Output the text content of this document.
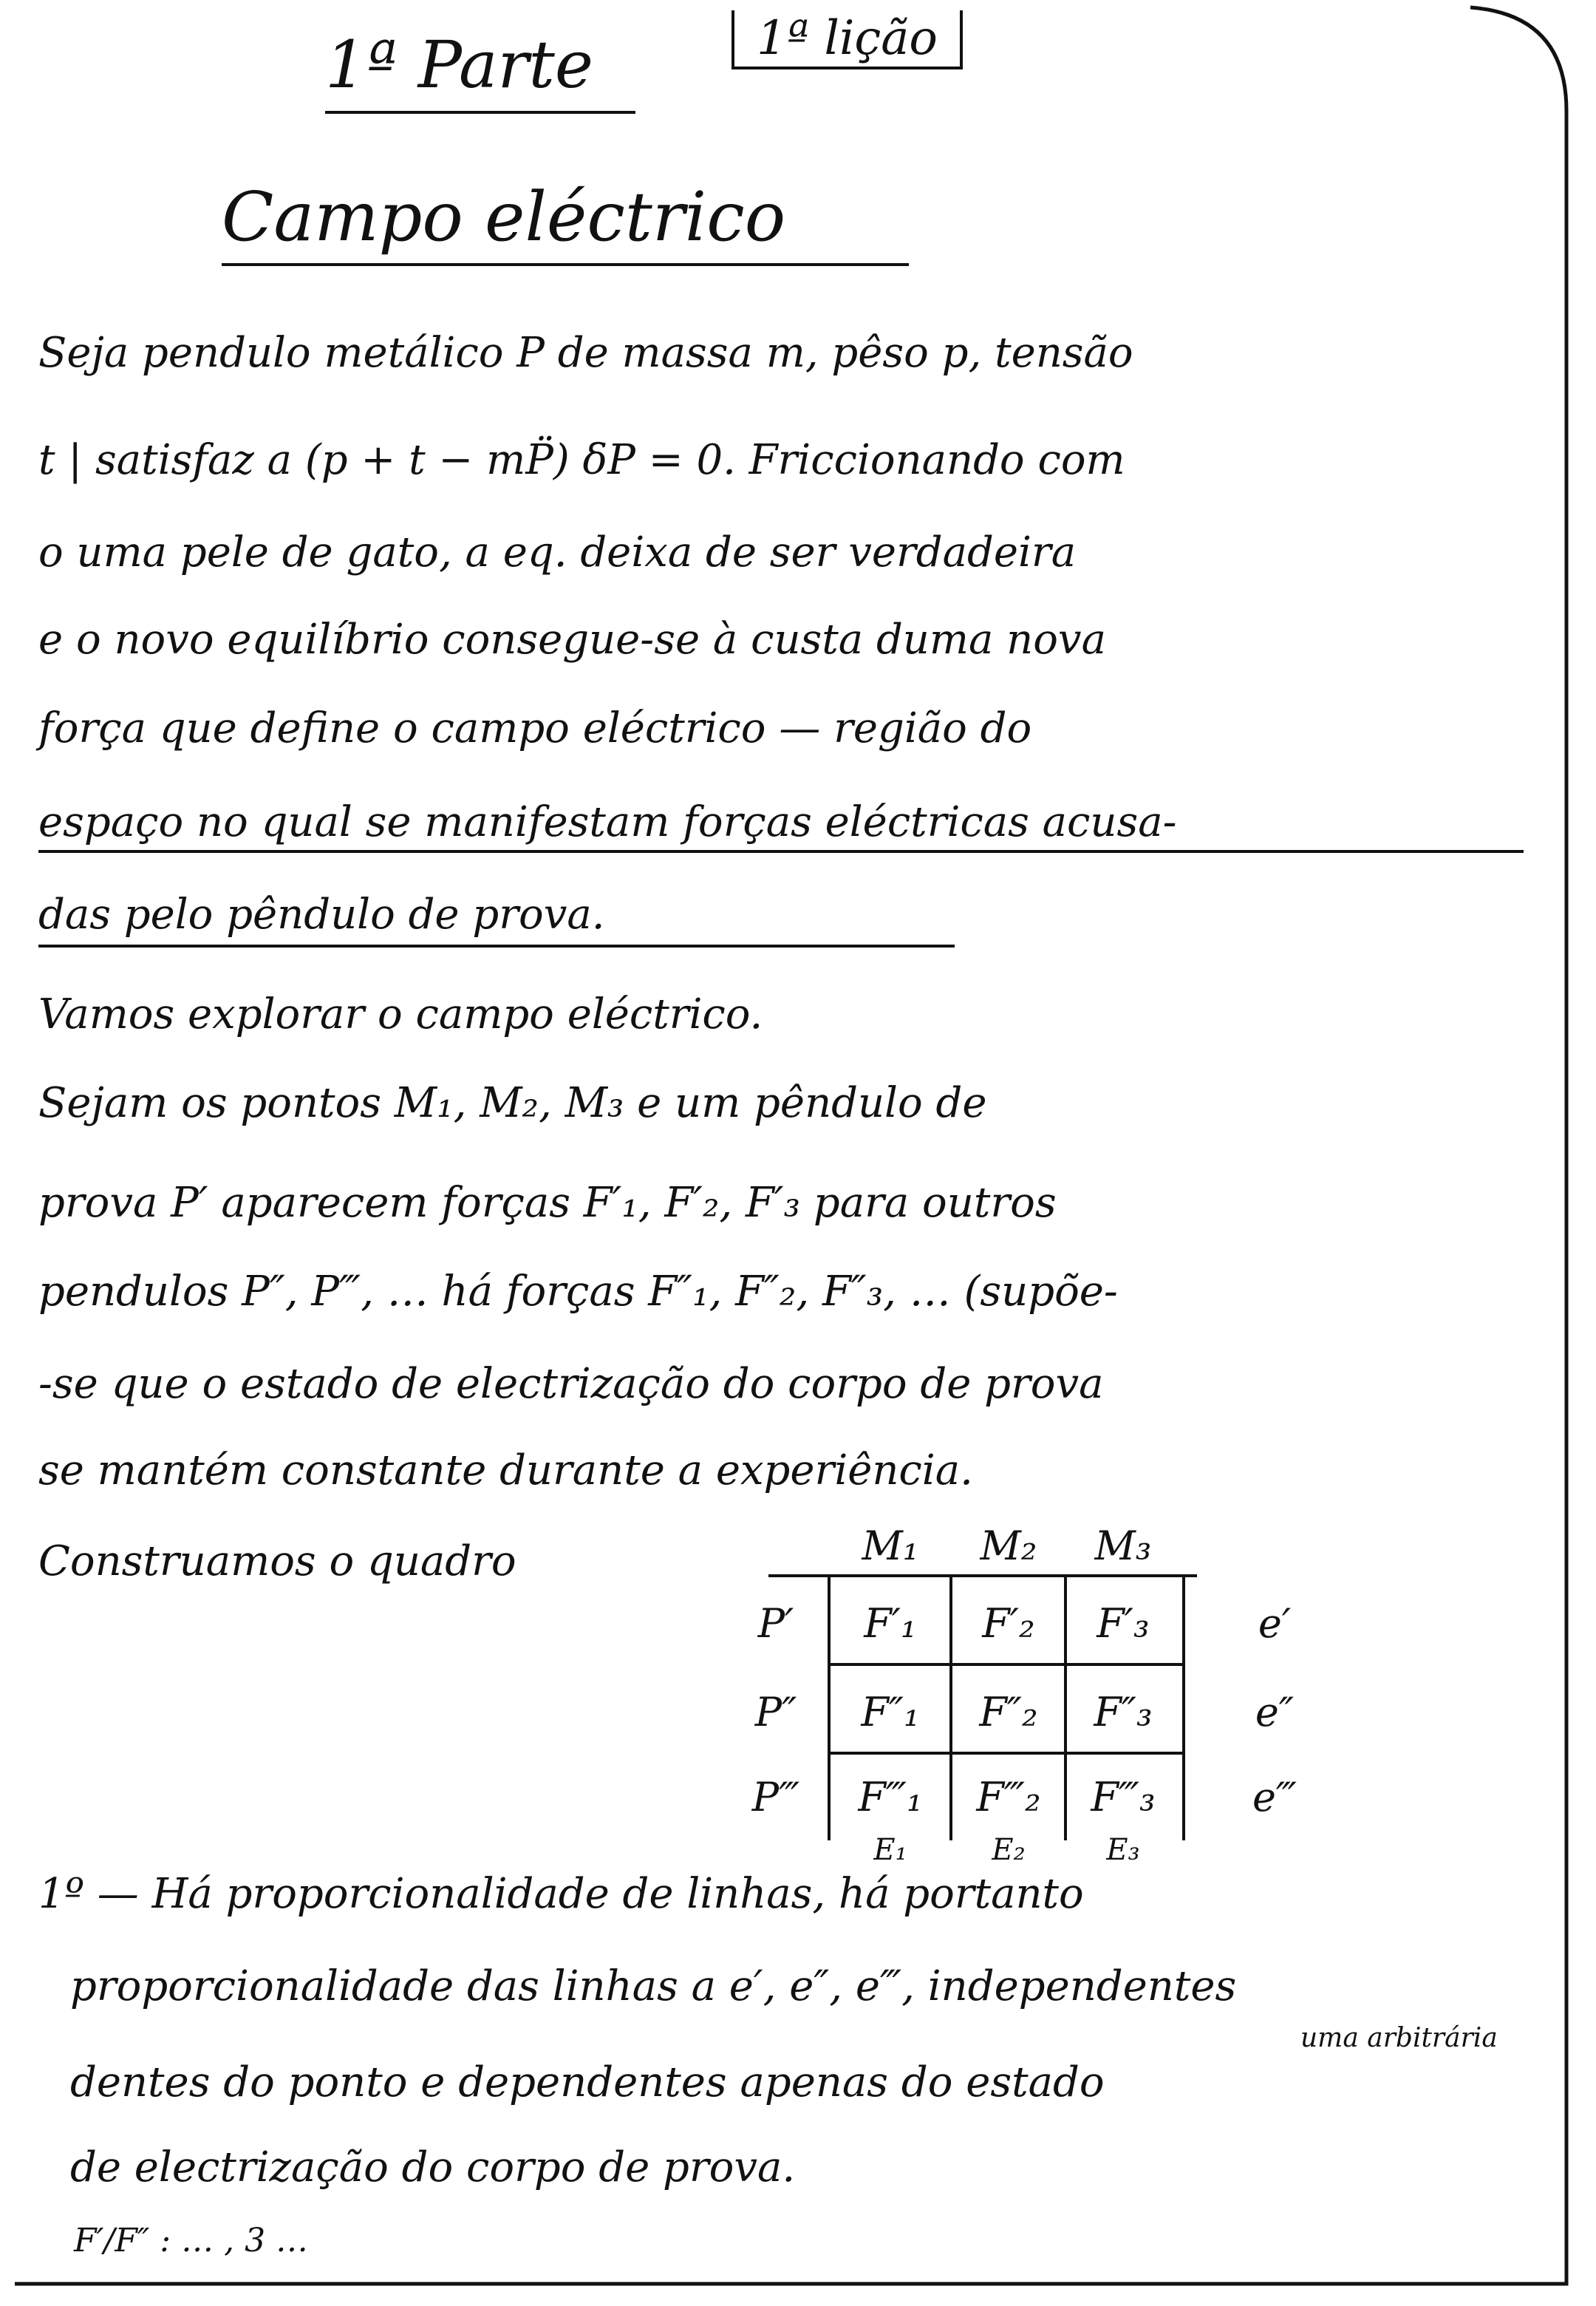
1ª Parte	1ª lição
Campo eléctrico
Seja pendulo metálico P de massa m, pêso p, tensão
t | satisfaz a (p + t − mP̈) δP = 0. Friccionando com
o uma pele de gato, a eq. deixa de ser verdadeira
e o novo equilíbrio consegue-se à custa duma nova
força que define o campo eléctrico — região do
espaço no qual se manifestam forças eléctricas acusa-
das pelo pêndulo de prova.
Vamos explorar o campo eléctrico.
Sejam os pontos M₁, M₂, M₃ e um pêndulo de
prova P′ aparecem forças F′₁, F′₂, F′₃ para outros
pendulos P″, P‴, … há forças F″₁, F″₂, F″₃, … (supõe-
-se que o estado de electrização do corpo de prova
se mantém constante durante a experiência.
Construamos o quadro	M₁	M₂	M₃
P′	F′₁	F′₂	F′₃	e′
P″	F″₁	F″₂	F″₃	e″
P‴	F‴₁	F‴₂	F‴₃	e‴
E₁	E₂	E₃
1º — Há proporcionalidade de linhas, há portanto
proporcionalidade das linhas a e′, e″, e‴, independentes
uma arbitrária
dentes do ponto e dependentes apenas do estado
de electrização do corpo de prova.
F′/F″ : … , 3 …
